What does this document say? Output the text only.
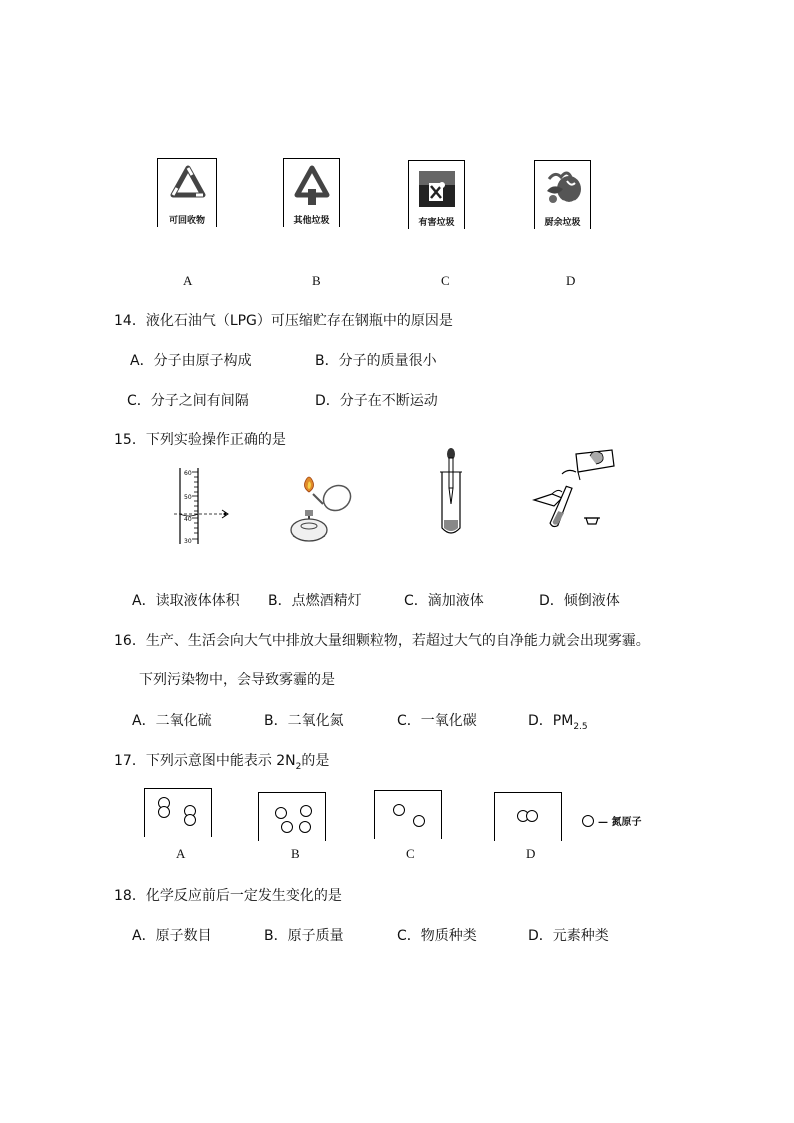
可回收物	其他垃圾	有害垃圾	厨余垃圾
A	B	C	D
14．液化石油气（LPG）可压缩贮存在钢瓶中的原因是
A．分子由原子构成	B．分子的质量很小
C．分子之间有间隔	D．分子在不断运动
15．下列实验操作正确的是
60
50
40
30
A．读取液体体积 B．点燃酒精灯	C．滴加液体	D．倾倒液体
16．生产、生活会向大气中排放大量细颗粒物，若超过大气的自净能力就会出现雾霾。
下列污染物中，会导致雾霾的是
A．二氧化硫	B．二氧化氮	C．一氧化碳	D．$PM_{2.5}$
17．下列示意图中能表示 $2N_2$的是
— 氮原子
A	B	C	D
18．化学反应前后一定发生变化的是
A．原子数目	B．原子质量	C．物质种类	D．元素种类
